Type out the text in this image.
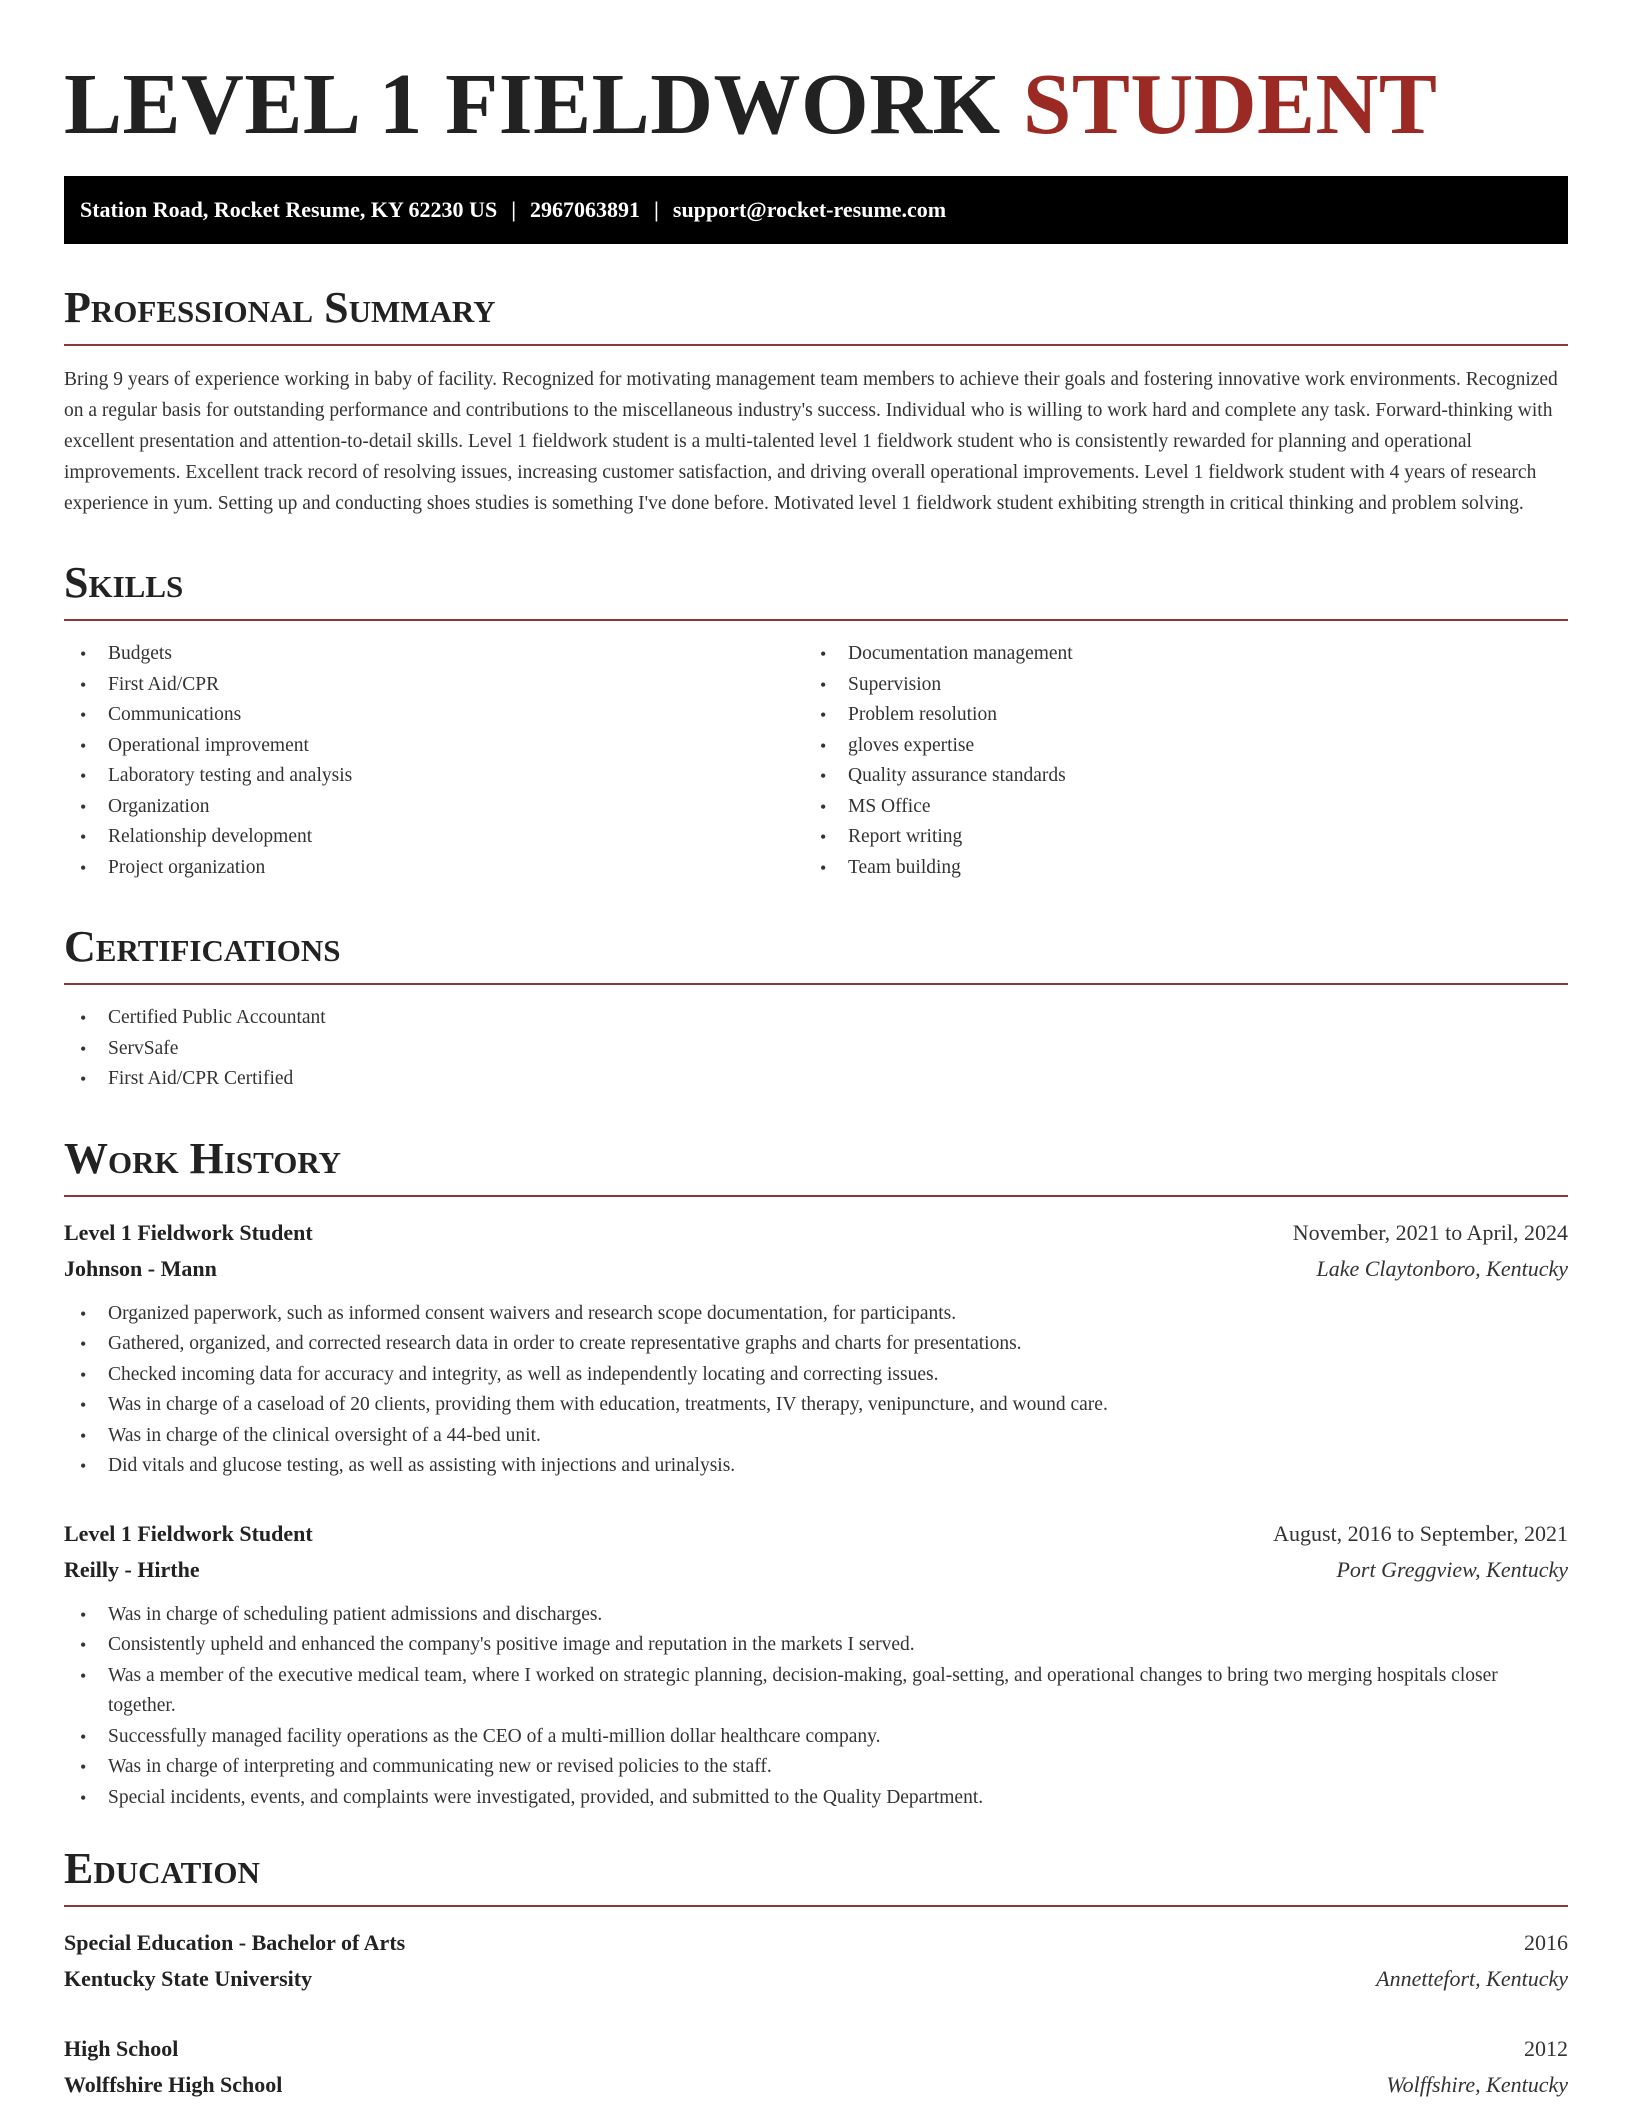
LEVEL 1 FIELDWORK STUDENT
Station Road, Rocket Resume, KY 62230 US | 2967063891 | support@rocket-resume.com
Professional Summary

Bring 9 years of experience working in baby of facility. Recognized for motivating management team members to achieve their goals and fostering innovative work environments. Recognized on a regular basis for outstanding performance and contributions to the miscellaneous industry's success. Individual who is willing to work hard and complete any task. Forward-thinking with excellent presentation and attention-to-detail skills. Level 1 fieldwork student is a multi-talented level 1 fieldwork student who is consistently rewarded for planning and operational improvements. Excellent track record of resolving issues, increasing customer satisfaction, and driving overall operational improvements. Level 1 fieldwork student with 4 years of research experience in yum. Setting up and conducting shoes studies is something I've done before. Motivated level 1 fieldwork student exhibiting strength in critical thinking and problem solving.

Skills
• Budgets
• First Aid/CPR
• Communications
• Operational improvement
• Laboratory testing and analysis
• Organization
• Relationship development
• Project organization
• Documentation management
• Supervision
• Problem resolution
• gloves expertise
• Quality assurance standards
• MS Office
• Report writing
• Team building
Certifications
• Certified Public Accountant
• ServSafe
• First Aid/CPR Certified
Work History
Level 1 Fieldwork Student	November, 2021 to April, 2024
Johnson - Mann	Lake Claytonboro, Kentucky
• Organized paperwork, such as informed consent waivers and research scope documentation, for participants.
• Gathered, organized, and corrected research data in order to create representative graphs and charts for presentations.
• Checked incoming data for accuracy and integrity, as well as independently locating and correcting issues.
• Was in charge of a caseload of 20 clients, providing them with education, treatments, IV therapy, venipuncture, and wound care.
• Was in charge of the clinical oversight of a 44-bed unit.
• Did vitals and glucose testing, as well as assisting with injections and urinalysis.
Level 1 Fieldwork Student	August, 2016 to September, 2021
Reilly - Hirthe	Port Greggview, Kentucky
• Was in charge of scheduling patient admissions and discharges.
• Consistently upheld and enhanced the company's positive image and reputation in the markets I served.
• Was a member of the executive medical team, where I worked on strategic planning, decision-making, goal-setting, and operational changes to bring two merging hospitals closer together.
• Successfully managed facility operations as the CEO of a multi-million dollar healthcare company.
• Was in charge of interpreting and communicating new or revised policies to the staff.
• Special incidents, events, and complaints were investigated, provided, and submitted to the Quality Department.
Education
Special Education - Bachelor of Arts	2016
Kentucky State University	Annettefort, Kentucky
High School	2012
Wolffshire High School	Wolffshire, Kentucky
